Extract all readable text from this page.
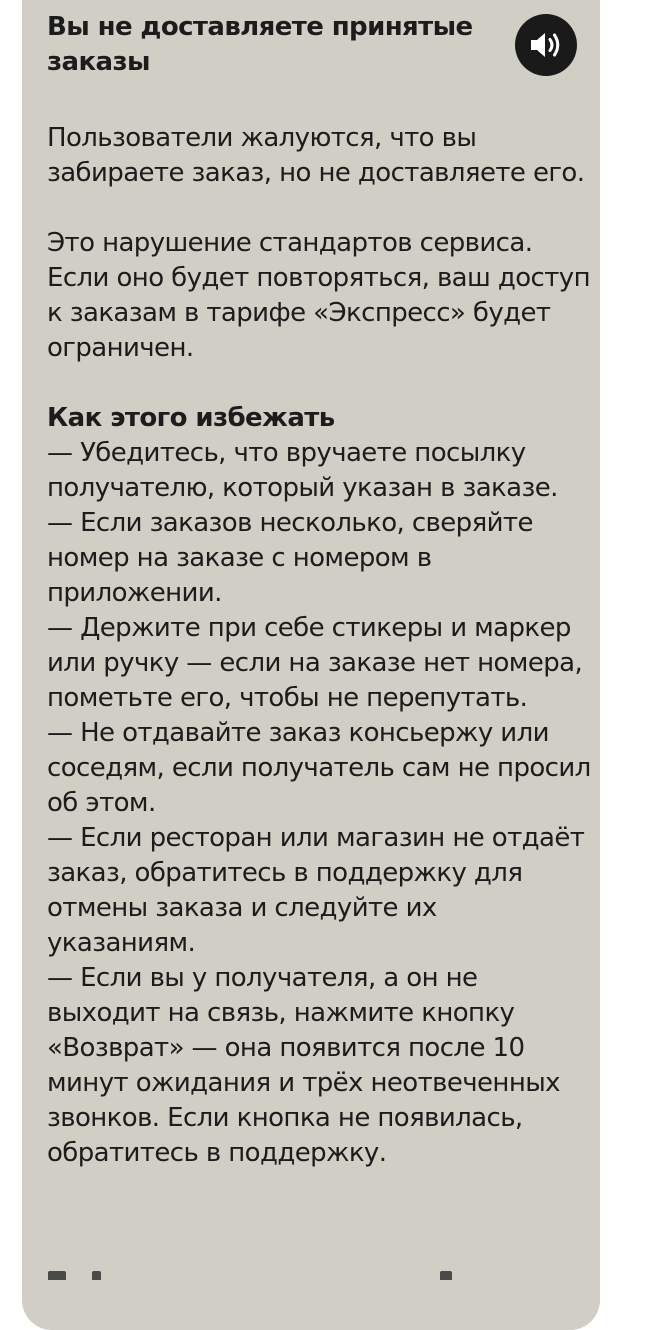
Вы не доставляете принятые заказы

Пользователи жалуются, что вы забираете заказ, но не доставляете его.

Это нарушение стандартов сервиса. Если оно будет повторяться, ваш доступ к заказам в тарифе «Экспресс» будет ограничен.

Как этого избежать

— Убедитесь, что вручаете посылку получателю, который указан в заказе.
— Если заказов несколько, сверяйте номер на заказе с номером в приложении.
— Держите при себе стикеры и маркер или ручку — если на заказе нет номера, пометьте его, чтобы не перепутать.
— Не отдавайте заказ консьержу или соседям, если получатель сам не просил об этом.
— Если ресторан или магазин не отдаёт заказ, обратитесь в поддержку для отмены заказа и следуйте их указаниям.
— Если вы у получателя, а он не выходит на связь, нажмите кнопку «Возврат» — она появится после 10 минут ожидания и трёх неотвеченных звонков. Если кнопка не появилась, обратитесь в поддержку.
